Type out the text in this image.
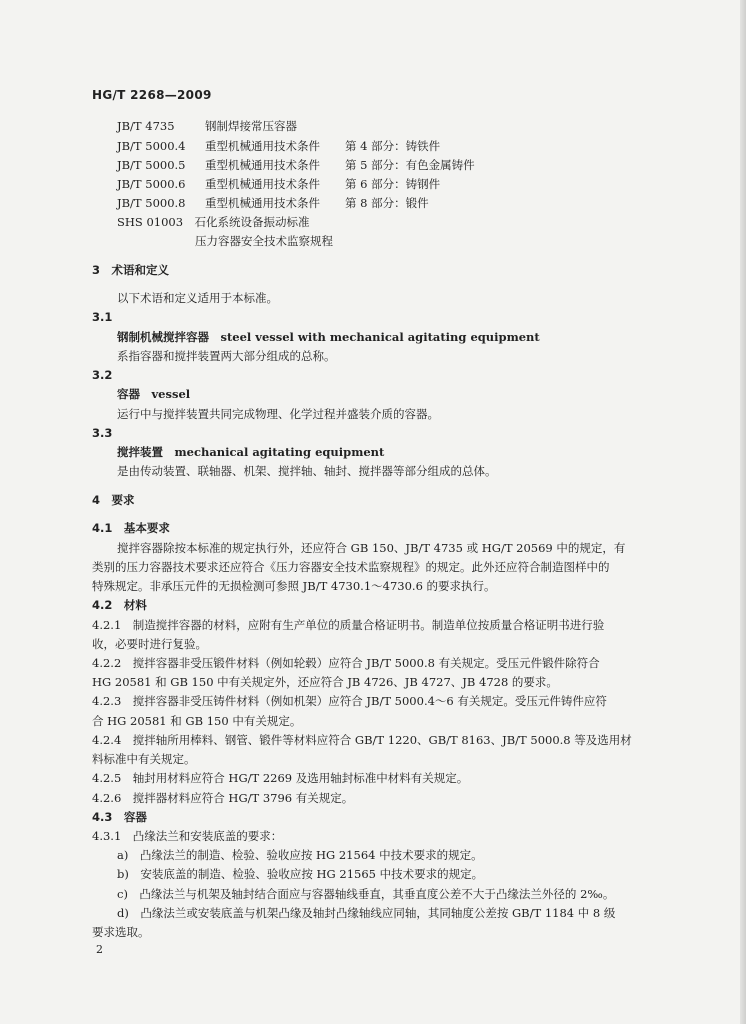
HG/T 2268—2009
JB/T 4735	钢制焊接常压容器
JB/T 5000.4 重型机械通用技术条件 第 4 部分：铸铁件
JB/T 5000.5 重型机械通用技术条件 第 5 部分：有色金属铸件
JB/T 5000.6 重型机械通用技术条件 第 6 部分：铸钢件
JB/T 5000.8 重型机械通用技术条件 第 8 部分：锻件
SHS 01003　 石化系统设备振动标准
压力容器安全技术监察规程
3　术语和定义
以下术语和定义适用于本标准。
3.1
钢制机械搅拌容器　steel vessel with mechanical agitating equipment
系指容器和搅拌装置两大部分组成的总称。
3.2
容器　vessel
运行中与搅拌装置共同完成物理、化学过程并盛装介质的容器。
3.3
搅拌装置　mechanical agitating equipment
是由传动装置、联轴器、机架、搅拌轴、轴封、搅拌器等部分组成的总体。
4　要求
4.1　基本要求
搅拌容器除按本标准的规定执行外，还应符合 GB 150、JB/T 4735 或 HG/T 20569 中的规定，有
类别的压力容器技术要求还应符合《压力容器安全技术监察规程》的规定。此外还应符合制造图样中的
特殊规定。非承压元件的无损检测可参照 JB/T 4730.1～4730.6 的要求执行。
4.2　材料
4.2.1　制造搅拌容器的材料，应附有生产单位的质量合格证明书。制造单位按质量合格证明书进行验
收，必要时进行复验。
4.2.2　搅拌容器非受压锻件材料（例如轮毂）应符合 JB/T 5000.8 有关规定。受压元件锻件除符合
HG 20581 和 GB 150 中有关规定外，还应符合 JB 4726、JB 4727、JB 4728 的要求。
4.2.3　搅拌容器非受压铸件材料（例如机架）应符合 JB/T 5000.4～6 有关规定。受压元件铸件应符
合 HG 20581 和 GB 150 中有关规定。
4.2.4　搅拌轴所用棒料、钢管、锻件等材料应符合 GB/T 1220、GB/T 8163、JB/T 5000.8 等及选用材
料标准中有关规定。
4.2.5　轴封用材料应符合 HG/T 2269 及选用轴封标准中材料有关规定。
4.2.6　搅拌器材料应符合 HG/T 3796 有关规定。
4.3　容器
4.3.1　凸缘法兰和安装底盖的要求：
a)　凸缘法兰的制造、检验、验收应按 HG 21564 中技术要求的规定。
b)　安装底盖的制造、检验、验收应按 HG 21565 中技术要求的规定。
c)　凸缘法兰与机架及轴封结合面应与容器轴线垂直，其垂直度公差不大于凸缘法兰外径的 2‰。
d)　凸缘法兰或安装底盖与机架凸缘及轴封凸缘轴线应同轴，其同轴度公差按 GB/T 1184 中 8 级
要求选取。
2
